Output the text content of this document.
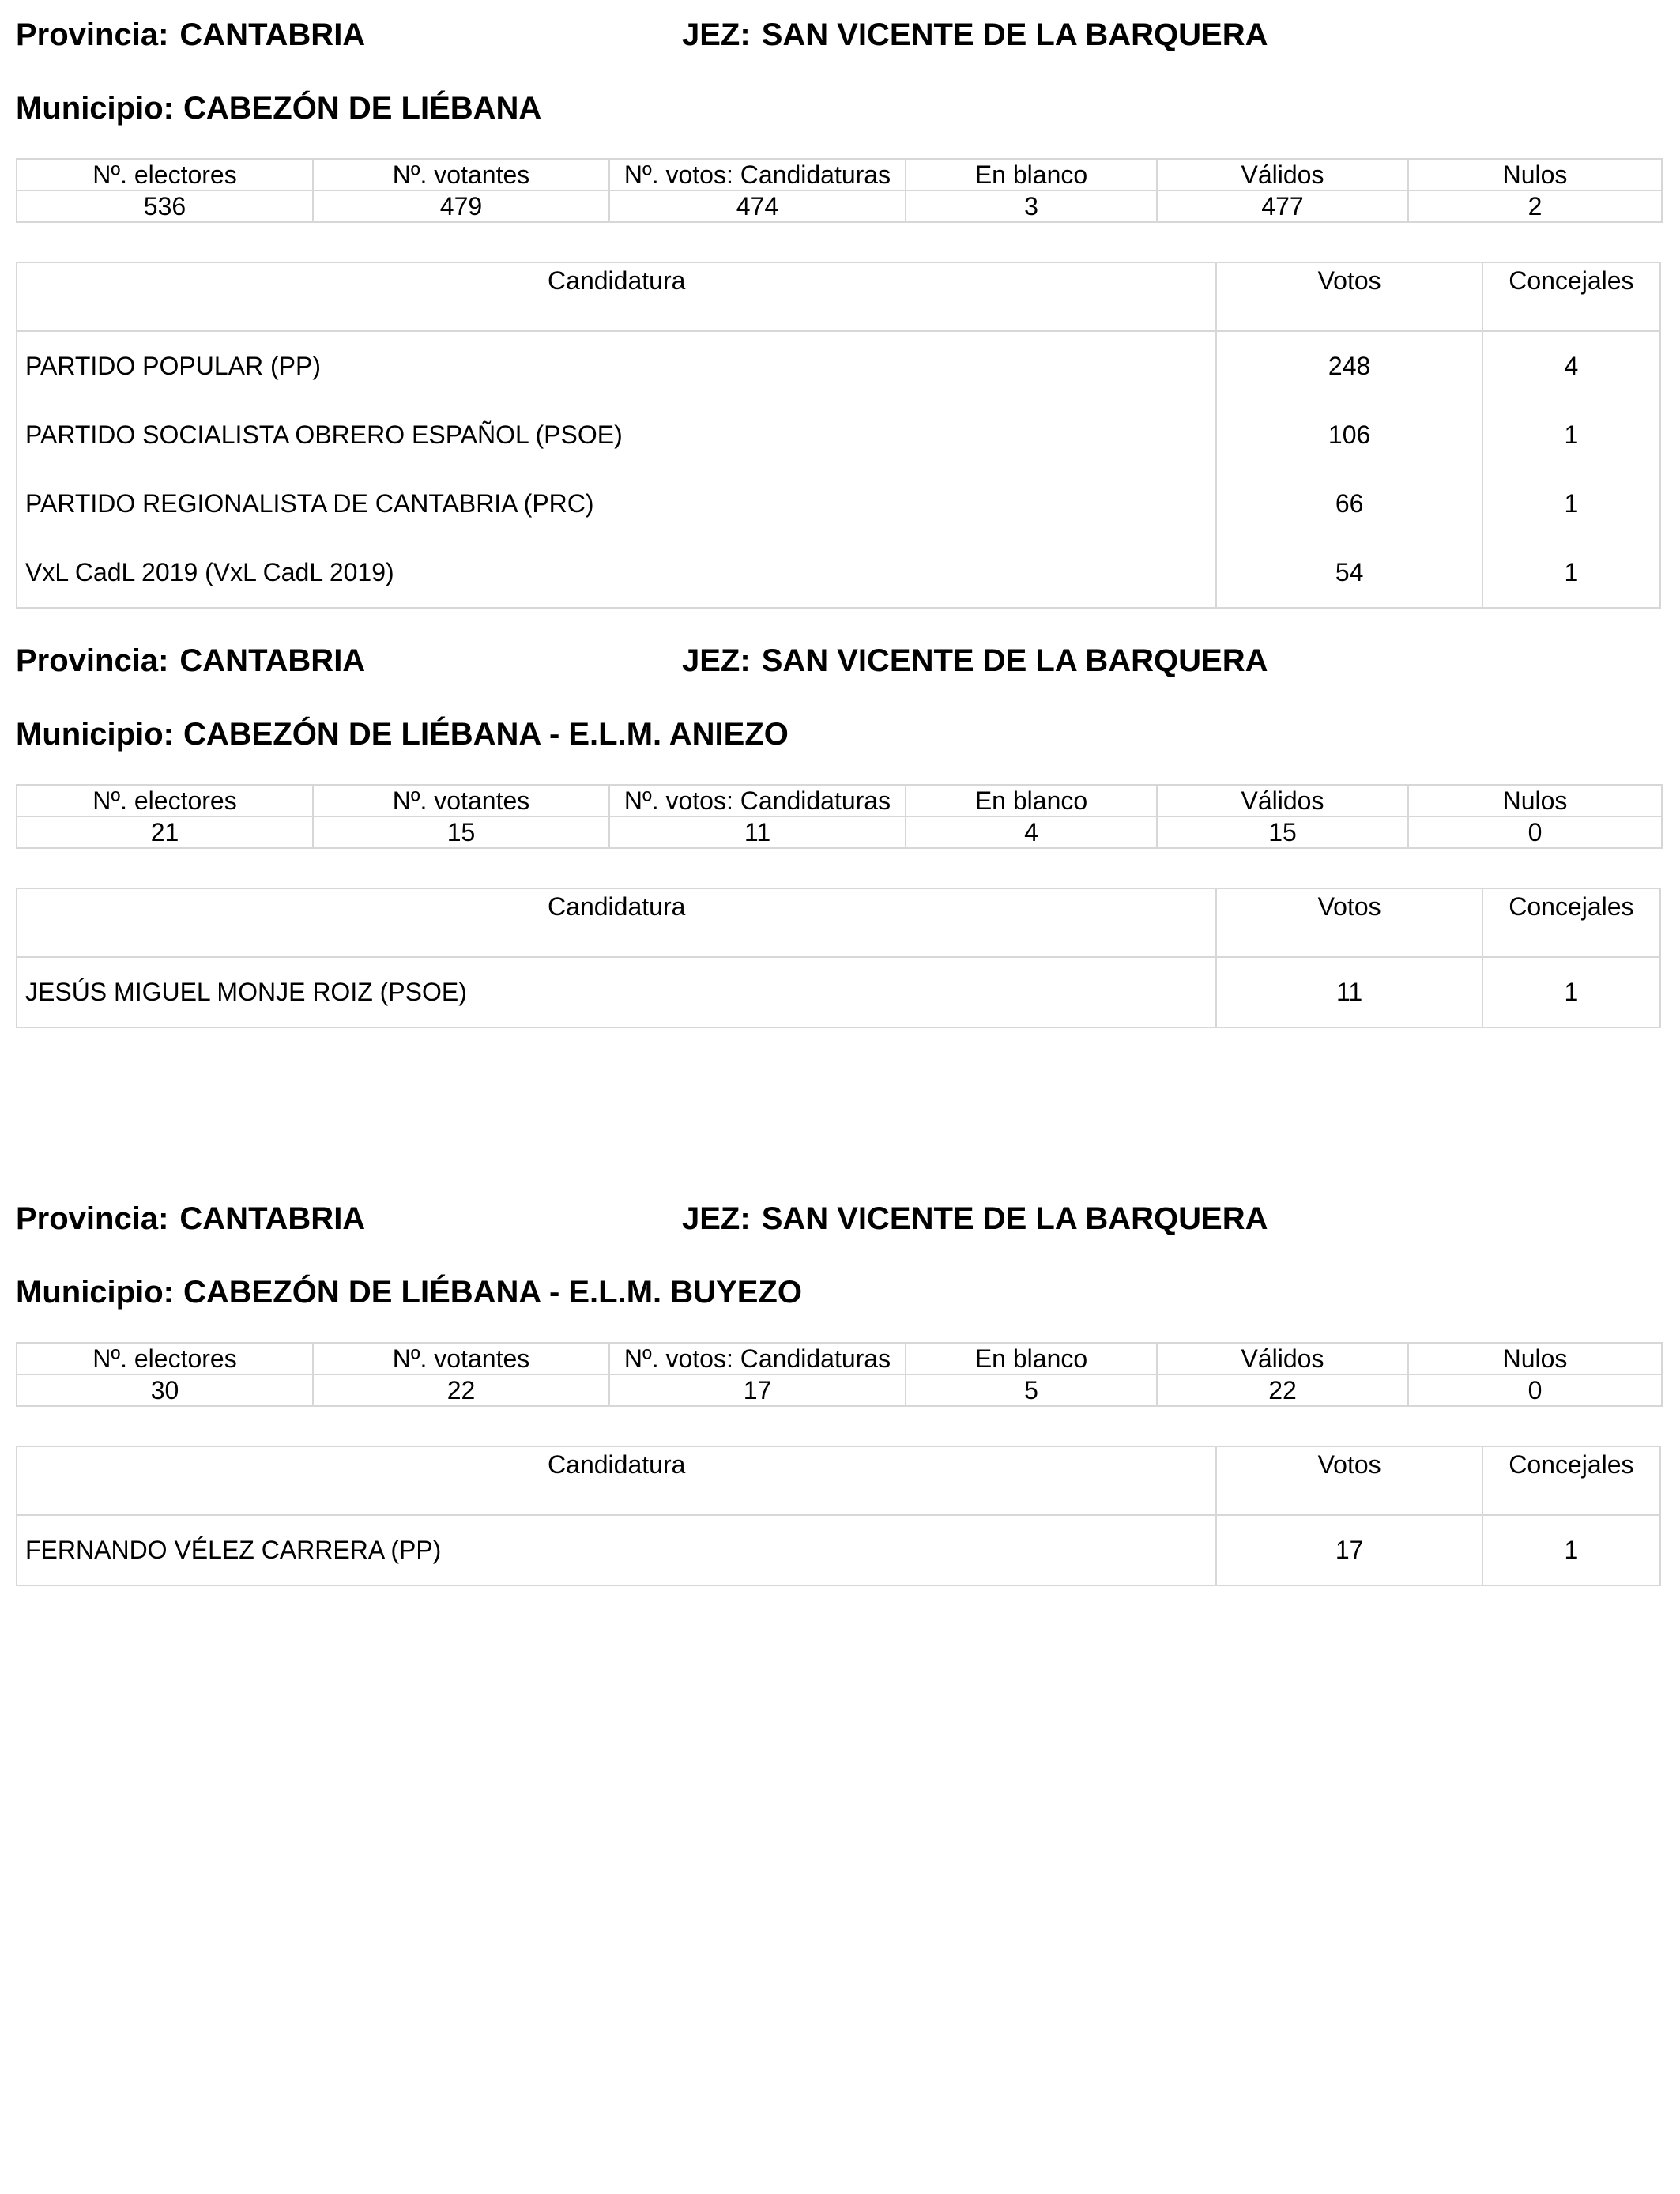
Provincia: CANTABRIA	JEZ: SAN VICENTE DE LA BARQUERA
Municipio: CABEZÓN DE LIÉBANA
Nº. electores	Nº. votantes	Nº. votos: Candidaturas	En blanco	Válidos	Nulos
536	479	474	3	477	2
Candidatura	Votos	Concejales
PARTIDO POPULAR (PP)	248	4
PARTIDO SOCIALISTA OBRERO ESPAÑOL (PSOE)	106	1
PARTIDO REGIONALISTA DE CANTABRIA (PRC)	66	1
VxL CadL 2019 (VxL CadL 2019)	54	1
Provincia: CANTABRIA	JEZ: SAN VICENTE DE LA BARQUERA
Municipio: CABEZÓN DE LIÉBANA - E.L.M. ANIEZO
Nº. electores	Nº. votantes	Nº. votos: Candidaturas	En blanco	Válidos	Nulos
21	15	11	4	15	0
Candidatura	Votos	Concejales
JESÚS MIGUEL MONJE ROIZ (PSOE)	11	1
Provincia: CANTABRIA	JEZ: SAN VICENTE DE LA BARQUERA
Municipio: CABEZÓN DE LIÉBANA - E.L.M. BUYEZO
Nº. electores	Nº. votantes	Nº. votos: Candidaturas	En blanco	Válidos	Nulos
30	22	17	5	22	0
Candidatura	Votos	Concejales
FERNANDO VÉLEZ CARRERA (PP)	17	1
